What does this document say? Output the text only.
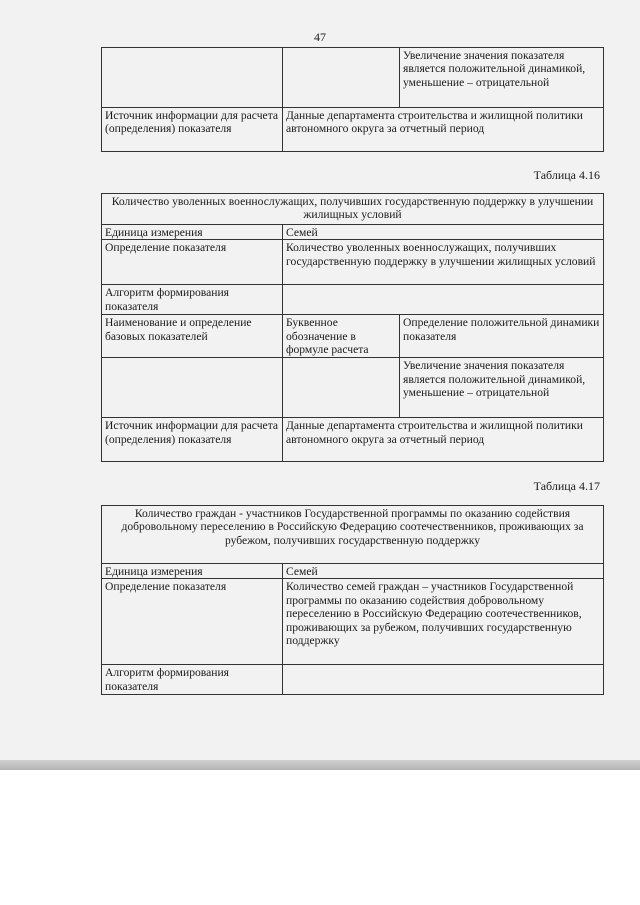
47
		Увеличение значения показателя является положительной динамикой, уменьшение – отрицательной
Источник информации для расчета (определения) показателя	Данные департамента строительства и жилищной политики автономного округа за отчетный период	
Таблица 4.16
Количество уволенных военнослужащих, получивших государственную поддержку в улучшении жилищных условий		
Единица измерения	Семей	
Определение показателя	Количество уволенных военнослужащих, получивших государственную поддержку в улучшении жилищных условий	
Алгоритм формирования показателя		
Наименование и определение базовых показателей	Буквенное обозначение в формуле расчета	Определение положительной динамики показателя
		Увеличение значения показателя является положительной динамикой, уменьшение – отрицательной
Источник информации для расчета (определения) показателя	Данные департамента строительства и жилищной политики автономного округа за отчетный период	
Таблица 4.17
Количество граждан - участников Государственной программы по оказанию содействия добровольному переселению в Российскую Федерацию соотечественников, проживающих за рубежом, получивших государственную поддержку	
Единица измерения	Семей
Определение показателя	Количество семей граждан – участников Государственной программы по оказанию содействия добровольному переселению в Российскую Федерацию соотечественников, проживающих за рубежом, получивших государственную поддержку
Алгоритм формирования показателя	
